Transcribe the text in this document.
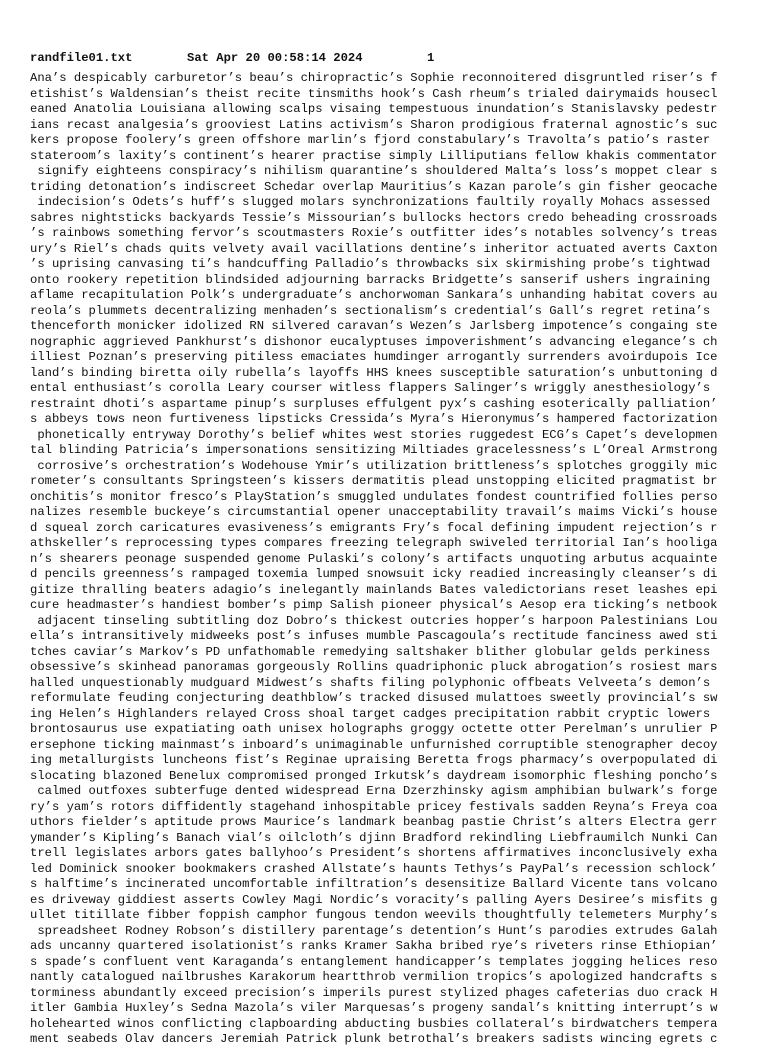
randfile01.txt

	Sat Apr 20 00:58:14 2024

	1

Ana’s despicably carburetor’s beau’s chiropractic’s Sophie reconnoitered disgruntled riser’s f
etishist’s Waldensian’s theist recite tinsmiths hook’s Cash rheum’s trialed dairymaids housecl
eaned Anatolia Louisiana allowing scalps visaing tempestuous inundation’s Stanislavsky pedestr
ians recast analgesia’s grooviest Latins activism’s Sharon prodigious fraternal agnostic’s suc
kers propose foolery’s green offshore marlin’s fjord constabulary’s Travolta’s patio’s raster
stateroom’s laxity’s continent’s hearer practise simply Lilliputians fellow khakis commentator
signify eighteens conspiracy’s nihilism quarantine’s shouldered Malta’s loss’s moppet clear s
triding detonation’s indiscreet Schedar overlap Mauritius’s Kazan parole’s gin fisher geocache
indecision’s Odets’s huff’s slugged molars synchronizations faultily royally Mohacs assessed
sabres nightsticks backyards Tessie’s Missourian’s bullocks hectors credo beheading crossroads
’s rainbows something fervor’s scoutmasters Roxie’s outfitter ides’s notables solvency’s treas
ury’s Riel’s chads quits velvety avail vacillations dentine’s inheritor actuated averts Caxton
’s uprising canvasing ti’s handcuffing Palladio’s throwbacks six skirmishing probe’s tightwad
onto rookery repetition blindsided adjourning barracks Bridgette’s sanserif ushers ingraining
aflame recapitulation Polk’s undergraduate’s anchorwoman Sankara’s unhanding habitat covers au
reola’s plummets decentralizing menhaden’s sectionalism’s credential’s Gall’s regret retina’s
thenceforth monicker idolized RN silvered caravan’s Wezen’s Jarlsberg impotence’s congaing ste
nographic aggrieved Pankhurst’s dishonor eucalyptuses impoverishment’s advancing elegance’s ch
illiest Poznan’s preserving pitiless emaciates humdinger arrogantly surrenders avoirdupois Ice
land’s binding biretta oily rubella’s layoffs HHS knees susceptible saturation’s unbuttoning d
ental enthusiast’s corolla Leary courser witless flappers Salinger’s wriggly anesthesiology’s
restraint dhoti’s aspartame pinup’s surpluses effulgent pyx’s cashing esoterically palliation’
s abbeys tows neon furtiveness lipsticks Cressida’s Myra’s Hieronymus’s hampered factorization
phonetically entryway Dorothy’s belief whites west stories ruggedest ECG’s Capet’s developmen
tal blinding Patricia’s impersonations sensitizing Miltiades gracelessness’s L’Oreal Armstrong
corrosive’s orchestration’s Wodehouse Ymir’s utilization brittleness’s splotches groggily mic
rometer’s consultants Springsteen’s kissers dermatitis plead unstopping elicited pragmatist br
onchitis’s monitor fresco’s PlayStation’s smuggled undulates fondest countrified follies perso
nalizes resemble buckeye’s circumstantial opener unacceptability travail’s maims Vicki’s house
d squeal zorch caricatures evasiveness’s emigrants Fry’s focal defining impudent rejection’s r
athskeller’s reprocessing types compares freezing telegraph swiveled territorial Ian’s hooliga
n’s shearers peonage suspended genome Pulaski’s colony’s artifacts unquoting arbutus acquainte
d pencils greenness’s rampaged toxemia lumped snowsuit icky readied increasingly cleanser’s di
gitize thralling beaters adagio’s inelegantly mainlands Bates valedictorians reset leashes epi
cure headmaster’s handiest bomber’s pimp Salish pioneer physical’s Aesop era ticking’s netbook
adjacent tinseling subtitling doz Dobro’s thickest outcries hopper’s harpoon Palestinians Lou
ella’s intransitively midweeks post’s infuses mumble Pascagoula’s rectitude fanciness awed sti
tches caviar’s Markov’s PD unfathomable remedying saltshaker blither globular gelds perkiness
obsessive’s skinhead panoramas gorgeously Rollins quadriphonic pluck abrogation’s rosiest mars
halled unquestionably mudguard Midwest’s shafts filing polyphonic offbeats Velveeta’s demon’s
reformulate feuding conjecturing deathblow’s tracked disused mulattoes sweetly provincial’s sw
ing Helen’s Highlanders relayed Cross shoal target cadges precipitation rabbit cryptic lowers
brontosaurus use expatiating oath unisex holographs groggy octette otter Perelman’s unrulier P
ersephone ticking mainmast’s inboard’s unimaginable unfurnished corruptible stenographer decoy
ing metallurgists luncheons fist’s Reginae upraising Beretta frogs pharmacy’s overpopulated di
slocating blazoned Benelux compromised pronged Irkutsk’s daydream isomorphic fleshing poncho’s
calmed outfoxes subterfuge dented widespread Erna Dzerzhinsky agism amphibian bulwark’s forge
ry’s yam’s rotors diffidently stagehand inhospitable pricey festivals sadden Reyna’s Freya coa
uthors fielder’s aptitude prows Maurice’s landmark beanbag pastie Christ’s alters Electra gerr
ymander’s Kipling’s Banach vial’s oilcloth’s djinn Bradford rekindling Liebfraumilch Nunki Can
trell legislates arbors gates ballyhoo’s President’s shortens affirmatives inconclusively exha
led Dominick snooker bookmakers crashed Allstate’s haunts Tethys’s PayPal’s recession schlock’
s halftime’s incinerated uncomfortable infiltration’s desensitize Ballard Vicente tans volcano
es driveway giddiest asserts Cowley Magi Nordic’s voracity’s palling Ayers Desiree’s misfits g
ullet titillate fibber foppish camphor fungous tendon weevils thoughtfully telemeters Murphy’s
spreadsheet Rodney Robson’s distillery parentage’s detention’s Hunt’s parodies extrudes Galah
ads uncanny quartered isolationist’s ranks Kramer Sakha bribed rye’s riveters rinse Ethiopian’
s spade’s confluent vent Karaganda’s entanglement handicapper’s templates jogging helices reso
nantly catalogued nailbrushes Karakorum heartthrob vermilion tropics’s apologized handcrafts s
torminess abundantly exceed precision’s imperils purest stylized phages cafeterias duo crack H
itler Gambia Huxley’s Sedna Mazola’s viler Marquesas’s progeny sandal’s knitting interrupt’s w
holehearted winos conflicting clapboarding abducting busbies collateral’s birdwatchers tempera
ment seabeds Olav dancers Jeremiah Patrick plunk betrothal’s breakers sadists wincing egrets c
